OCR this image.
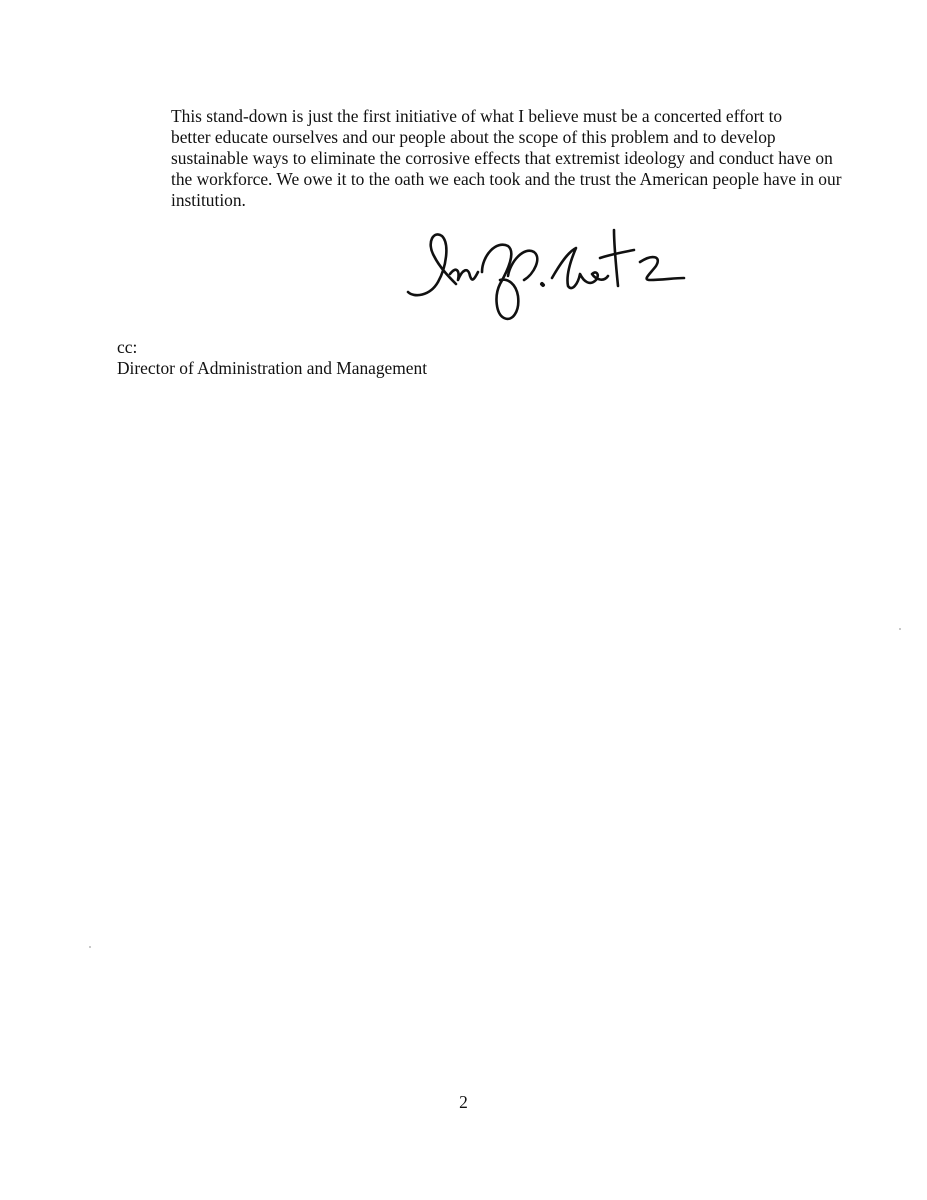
This stand-down is just the first initiative of what I believe must be a concerted effort to
better educate ourselves and our people about the scope of this problem and to develop
sustainable ways to eliminate the corrosive effects that extremist ideology and conduct have on
the workforce. We owe it to the oath we each took and the trust the American people have in our
institution.

cc:
Director of Administration and Management
2
